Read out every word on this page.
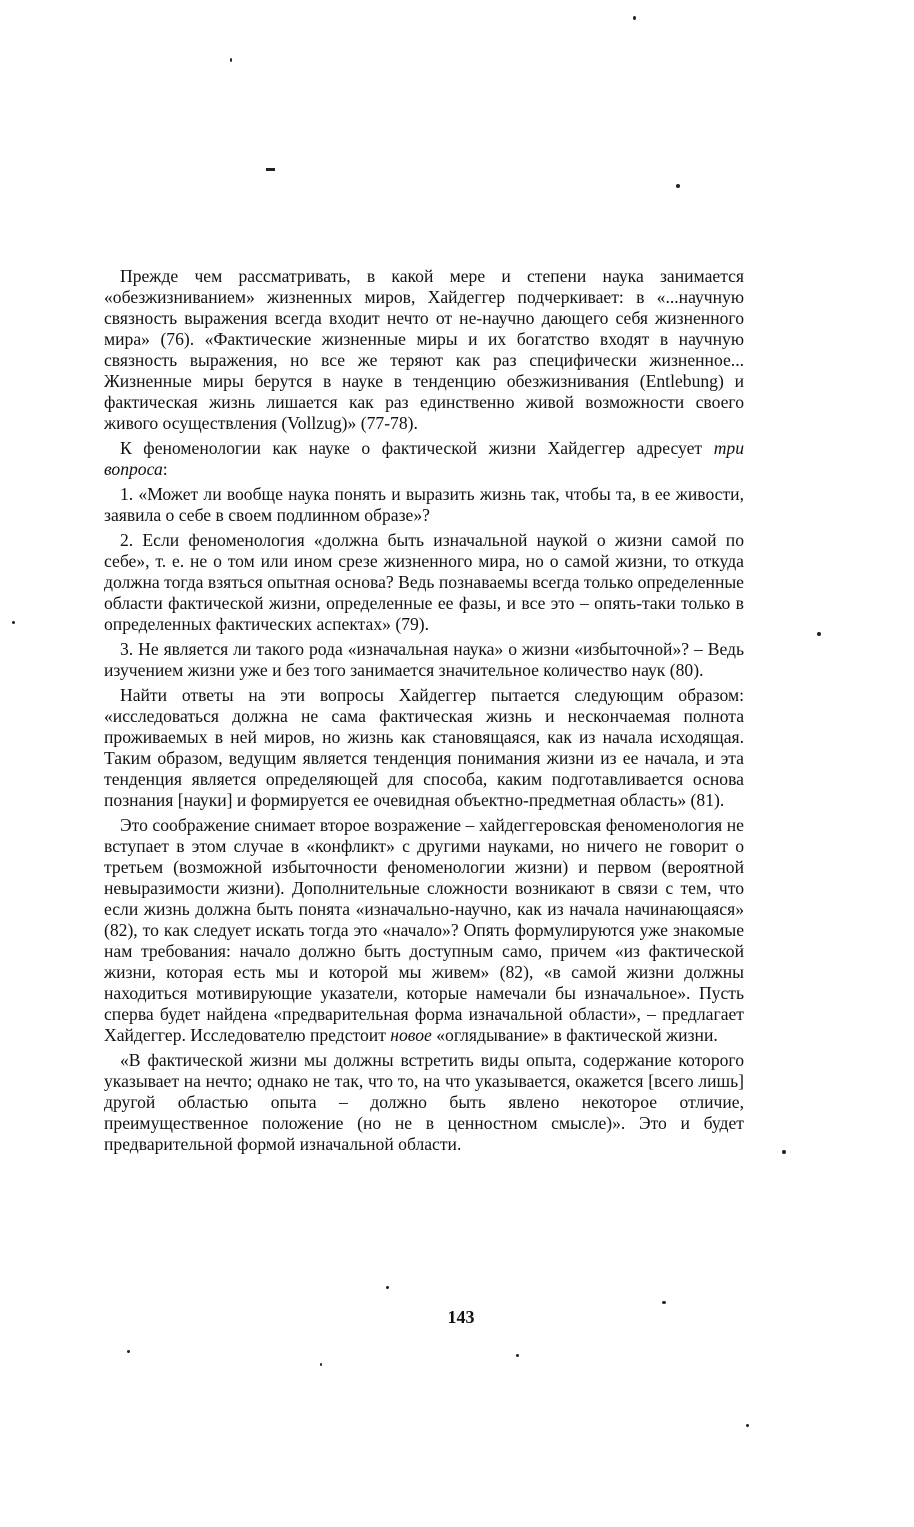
Прежде чем рассматривать, в какой мере и степени наука занимается «обезжизниванием» жизненных миров, Хайдеггер подчеркивает: в «...научную связность выражения всегда входит нечто от не-научно дающего себя жизненного мира» (76). «Фактические жизненные миры и их богатство входят в научную связность выражения, но все же теряют как раз специфически жизненное... Жизненные миры берутся в науке в тенденцию обезжизнивания (Entlebung) и фактическая жизнь лишается как раз единственно живой возможности своего живого осуществления (Vollzug)» (77-78).

К феноменологии как науке о фактической жизни Хайдеггер адресует три вопроса:

1. «Может ли вообще наука понять и выразить жизнь так, чтобы та, в ее живости, заявила о себе в своем подлинном образе»?

2. Если феноменология «должна быть изначальной наукой о жизни самой по себе», т. е. не о том или ином срезе жизненного мира, но о самой жизни, то откуда должна тогда взяться опытная основа? Ведь познаваемы всегда только определенные области фактической жизни, определенные ее фазы, и все это – опять-таки только в определенных фактических аспектах» (79).

3. Не является ли такого рода «изначальная наука» о жизни «избыточной»? – Ведь изучением жизни уже и без того занимается значительное количество наук (80).

Найти ответы на эти вопросы Хайдеггер пытается следующим образом: «исследоваться должна не сама фактическая жизнь и нескончаемая полнота проживаемых в ней миров, но жизнь как становящаяся, как из начала исходящая. Таким образом, ведущим является тенденция понимания жизни из ее начала, и эта тенденция является определяющей для способа, каким подготавливается основа познания [науки] и формируется ее очевидная объектно-предметная область» (81).

Это соображение снимает второе возражение – хайдеггеровская феноменология не вступает в этом случае в «конфликт» с другими науками, но ничего не говорит о третьем (возможной избыточности феноменологии жизни) и первом (вероятной невыразимости жизни). Дополнительные сложности возникают в связи с тем, что если жизнь должна быть понята «изначально-научно, как из начала начинающаяся» (82), то как следует искать тогда это «начало»? Опять формулируются уже знакомые нам требования: начало должно быть доступным само, причем «из фактической жизни, которая есть мы и которой мы живем» (82), «в самой жизни должны находиться мотивирующие указатели, которые намечали бы изначальное». Пусть сперва будет найдена «предварительная форма изначальной области», – предлагает Хайдеггер. Исследователю предстоит новое «оглядывание» в фактической жизни.

«В фактической жизни мы должны встретить виды опыта, содержание которого указывает на нечто; однако не так, что то, на что указывается, окажется [всего лишь] другой областью опыта – должно быть явлено некоторое отличие, преимущественное положение (но не в ценностном смысле)». Это и будет предварительной формой изначальной области.

143
